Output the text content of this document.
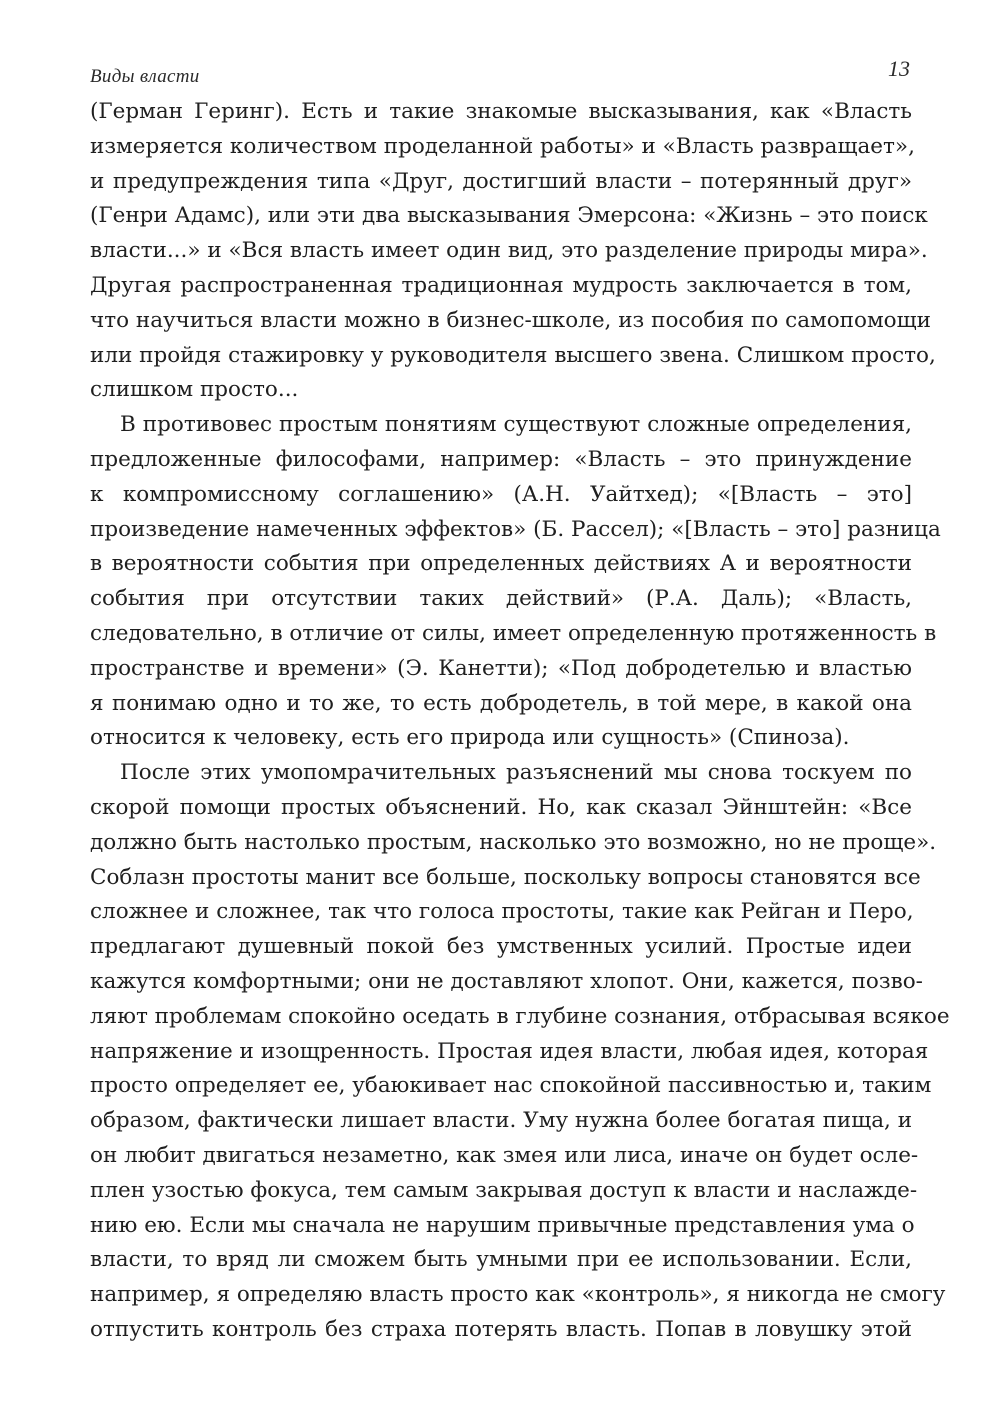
Виды власти	13
(Герман Геринг). Есть и такие знакомые высказывания, как «Власть
измеряется количеством проделанной работы» и «Власть развращает»,
и предупреждения типа «Друг, достигший власти – потерянный друг»
(Генри Адамс), или эти два высказывания Эмерсона: «Жизнь – это поиск
власти...» и «Вся власть имеет один вид, это разделение природы мира».
Другая распространенная традиционная мудрость заключается в том,
что научиться власти можно в бизнес-школе, из пособия по самопомощи
или пройдя стажировку у руководителя высшего звена. Слишком просто,
слишком просто...
В противовес простым понятиям существуют сложные определения,
предложенные философами, например: «Власть – это принуждение
к компромиссному соглашению» (А.Н. Уайтхед); «[Власть – это]
произведение намеченных эффектов» (Б. Рассел); «[Власть – это] разница
в вероятности события при определенных действиях А и вероятности
события при отсутствии таких действий» (Р.А. Даль); «Власть,
следовательно, в отличие от силы, имеет определенную протяженность в
пространстве и времени» (Э. Канетти); «Под добродетелью и властью
я понимаю одно и то же, то есть добродетель, в той мере, в какой она
относится к человеку, есть его природа или сущность» (Спиноза).
После этих умопомрачительных разъяснений мы снова тоскуем по
скорой помощи простых объяснений. Но, как сказал Эйнштейн: «Все
должно быть настолько простым, насколько это возможно, но не проще».
Соблазн простоты манит все больше, поскольку вопросы становятся все
сложнее и сложнее, так что голоса простоты, такие как Рейган и Перо,
предлагают душевный покой без умственных усилий. Простые идеи
кажутся комфортными; они не доставляют хлопот. Они, кажется, позво-
ляют проблемам спокойно оседать в глубине сознания, отбрасывая всякое
напряжение и изощренность. Простая идея власти, любая идея, которая
просто определяет ее, убаюкивает нас спокойной пассивностью и, таким
образом, фактически лишает власти. Уму нужна более богатая пища, и
он любит двигаться незаметно, как змея или лиса, иначе он будет осле-
плен узостью фокуса, тем самым закрывая доступ к власти и наслажде-
нию ею. Если мы сначала не нарушим привычные представления ума о
власти, то вряд ли сможем быть умными при ее использовании. Если,
например, я определяю власть просто как «контроль», я никогда не смогу
отпустить контроль без страха потерять власть. Попав в ловушку этой
